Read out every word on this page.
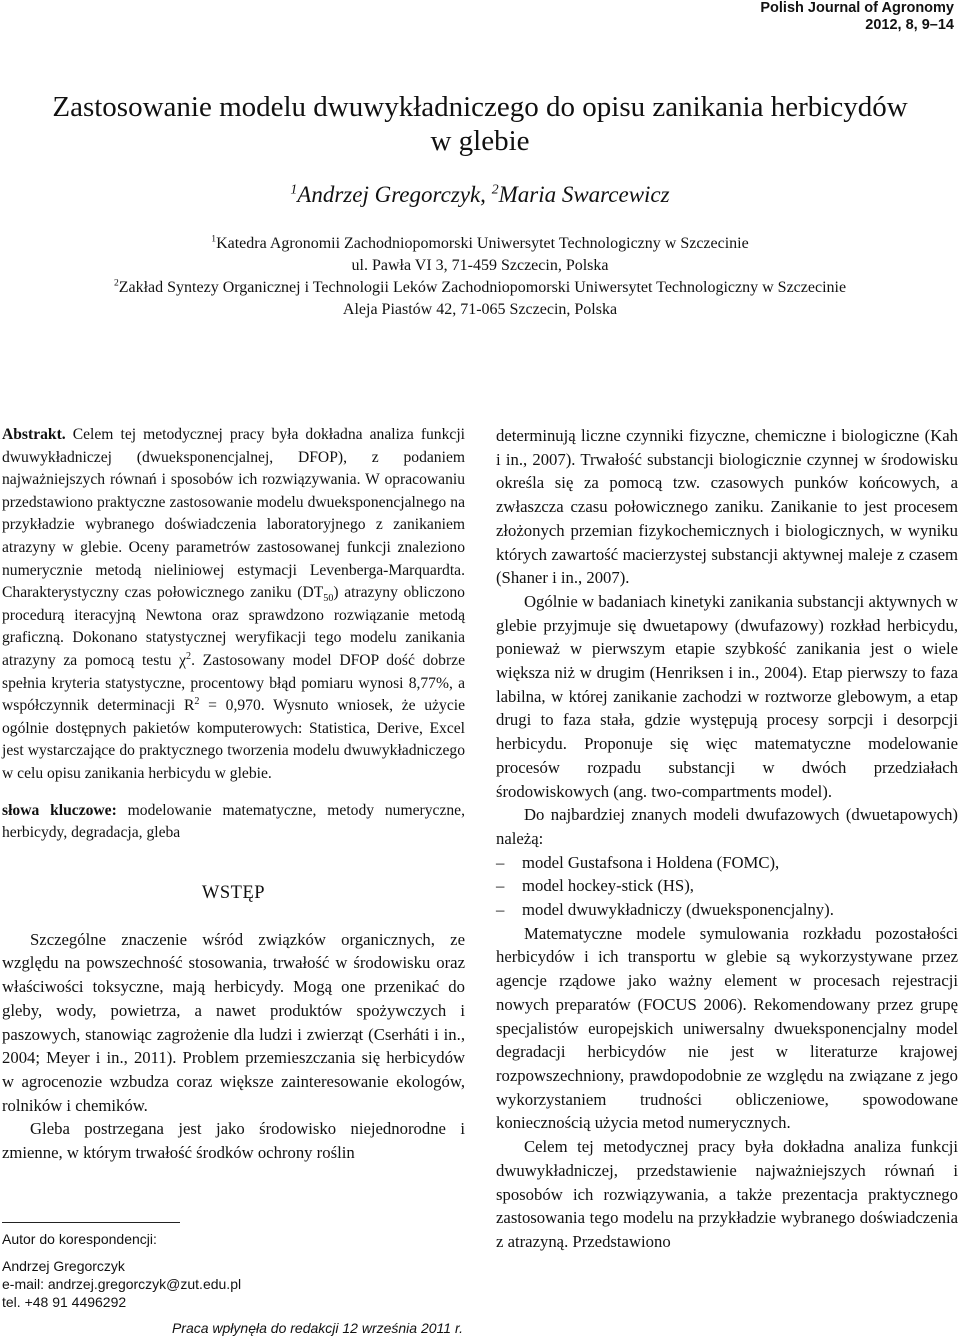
Polish Journal of Agronomy
2012, 8, 9–14
Zastosowanie modelu dwuwykładniczego do opisu zanikania herbicydów
w glebie
$^1$Andrzej Gregorczyk, $^2$Maria Swarcewicz
$^1$Katedra Agronomii Zachodniopomorski Uniwersytet Technologiczny w Szczecinie
ul. Pawła VI 3, 71-459 Szczecin, Polska
$^2$Zakład Syntezy Organicznej i Technologii Leków Zachodniopomorski Uniwersytet Technologiczny w Szczecinie
Aleja Piastów 42, 71-065 Szczecin, Polska
Abstrakt. Celem tej metodycznej pracy była dokładna analiza funkcji dwuwykładniczej (dwueksponencjalnej, DFOP), z podaniem najważniejszych równań i sposobów ich rozwiązywania. W opracowaniu przedstawiono praktyczne zastosowanie modelu dwueksponencjalnego na przykładzie wybranego doświadczenia laboratoryjnego z zanikaniem atrazyny w glebie. Oceny parametrów zastosowanej funkcji znaleziono numerycznie metodą nieliniowej estymacji Levenberga-Marquardta. Charakterystyczny czas połowicznego zaniku $(DT_{50})$ atrazyny obliczono procedurą iteracyjną Newtona oraz sprawdzono rozwiązanie metodą graficzną. Dokonano statystycznej weryfikacji tego modelu zanikania atrazyny za pomocą testu $\chi^2$. Zastosowany model DFOP dość dobrze spełnia kryteria statystyczne, procentowy błąd pomiaru wynosi 8,77%, a współczynnik determinacji $R^2 = 0,970$. Wysnuto wniosek, że użycie ogólnie dostępnych pakietów komputerowych: Statistica, Derive, Excel jest wystarczające do praktycznego tworzenia modelu dwuwykładniczego w celu opisu zanikania herbicydu w glebie.
słowa kluczowe: modelowanie matematyczne, metody numeryczne, herbicydy, degradacja, gleba
WSTĘP

Szczególne znaczenie wśród związków organicznych, ze względu na powszechność stosowania, trwałość w środowisku oraz właściwości toksyczne, mają herbicydy. Mogą one przenikać do gleby, wody, powietrza, a nawet produktów spożywczych i paszowych, stanowiąc zagrożenie dla ludzi i zwierząt (Cserháti i in., 2004; Meyer i in., 2011). Problem przemieszczania się herbicydów w agrocenozie wzbudza coraz większe zainteresowanie ekologów, rolników i chemików.

Gleba postrzegana jest jako środowisko niejednorodne i zmienne, w którym trwałość środków ochrony roślin

determinują liczne czynniki fizyczne, chemiczne i biologiczne (Kah i in., 2007). Trwałość substancji biologicznie czynnej w środowisku określa się za pomocą tzw. czasowych punków końcowych, a zwłaszcza czasu połowicznego zaniku. Zanikanie to jest procesem złożonych przemian fizykochemicznych i biologicznych, w wyniku których zawartość macierzystej substancji aktywnej maleje z czasem (Shaner i in., 2007).

Ogólnie w badaniach kinetyki zanikania substancji aktywnych w glebie przyjmuje się dwuetapowy (dwufazowy) rozkład herbicydu, ponieważ w pierwszym etapie szybkość zanikania jest o wiele większa niż w drugim (Henriksen i in., 2004). Etap pierwszy to faza labilna, w której zanikanie zachodzi w roztworze glebowym, a etap drugi to faza stała, gdzie występują procesy sorpcji i desorpcji herbicydu. Proponuje się więc matematyczne modelowanie procesów rozpadu substancji w dwóch przedziałach środowiskowych (ang. two-compartments model).

Do najbardziej znanych modeli dwufazowych (dwuetapowych) należą:

– model Gustafsona i Holdena (FOMC),
– model hockey-stick (HS),
– model dwuwykładniczy (dwueksponencjalny).

Matematyczne modele symulowania rozkładu pozostałości herbicydów i ich transportu w glebie są wykorzystywane przez agencje rządowe jako ważny element w procesach rejestracji nowych preparatów (FOCUS 2006). Rekomendowany przez grupę specjalistów europejskich uniwersalny dwueksponencjalny model degradacji herbicydów nie jest w literaturze krajowej rozpowszechniony, prawdopodobnie ze względu na związane z jego wykorzystaniem trudności obliczeniowe, spowodowane koniecznością użycia metod numerycznych.

Celem tej metodycznej pracy była dokładna analiza funkcji dwuwykładniczej, przedstawienie najważniejszych równań i sposobów ich rozwiązywania, a także prezentacja praktycznego zastosowania tego modelu na przykładzie wybranego doświadczenia z atrazyną. Przedstawiono

Autor do korespondencji:
Andrzej Gregorczyk
e-mail: andrzej.gregorczyk@zut.edu.pl
tel. +48 91 4496292
Praca wpłynęła do redakcji 12 września 2011 r.
